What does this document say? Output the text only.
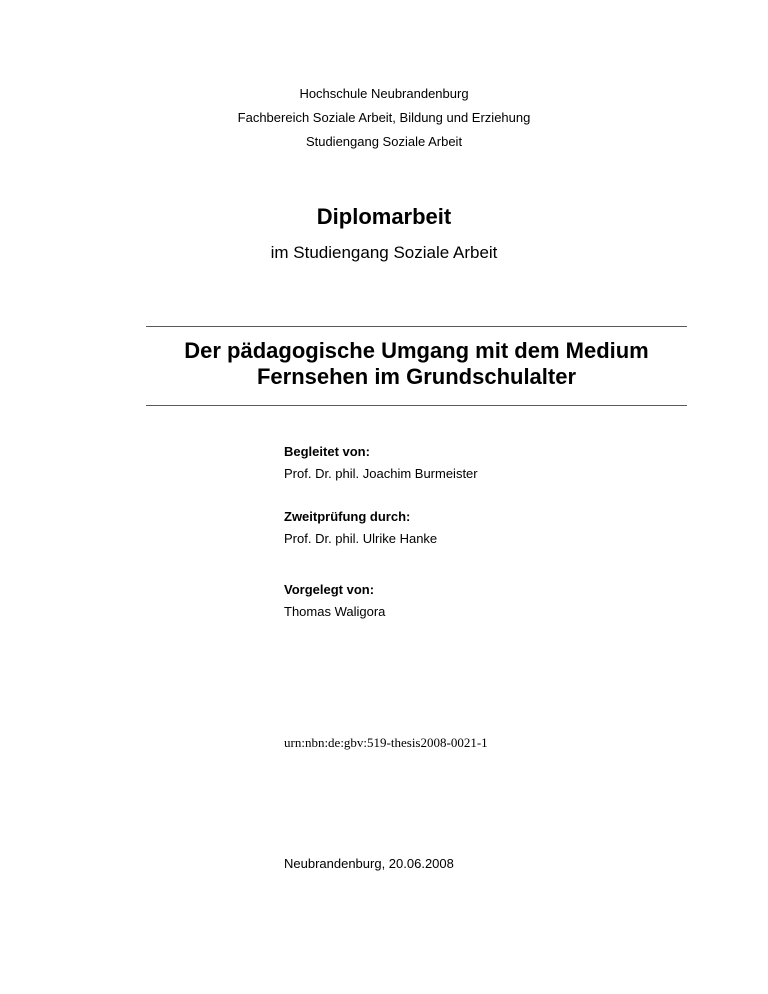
Hochschule Neubrandenburg
Fachbereich Soziale Arbeit, Bildung und Erziehung
Studiengang Soziale Arbeit
Diplomarbeit
im Studiengang Soziale Arbeit
Der pädagogische Umgang mit dem Medium
Fernsehen im Grundschulalter
Begleitet von:
Prof. Dr. phil. Joachim Burmeister
Zweitprüfung durch:
Prof. Dr. phil. Ulrike Hanke
Vorgelegt von:
Thomas Waligora
urn:nbn:de:gbv:519-thesis2008-0021-1
Neubrandenburg, 20.06.2008
